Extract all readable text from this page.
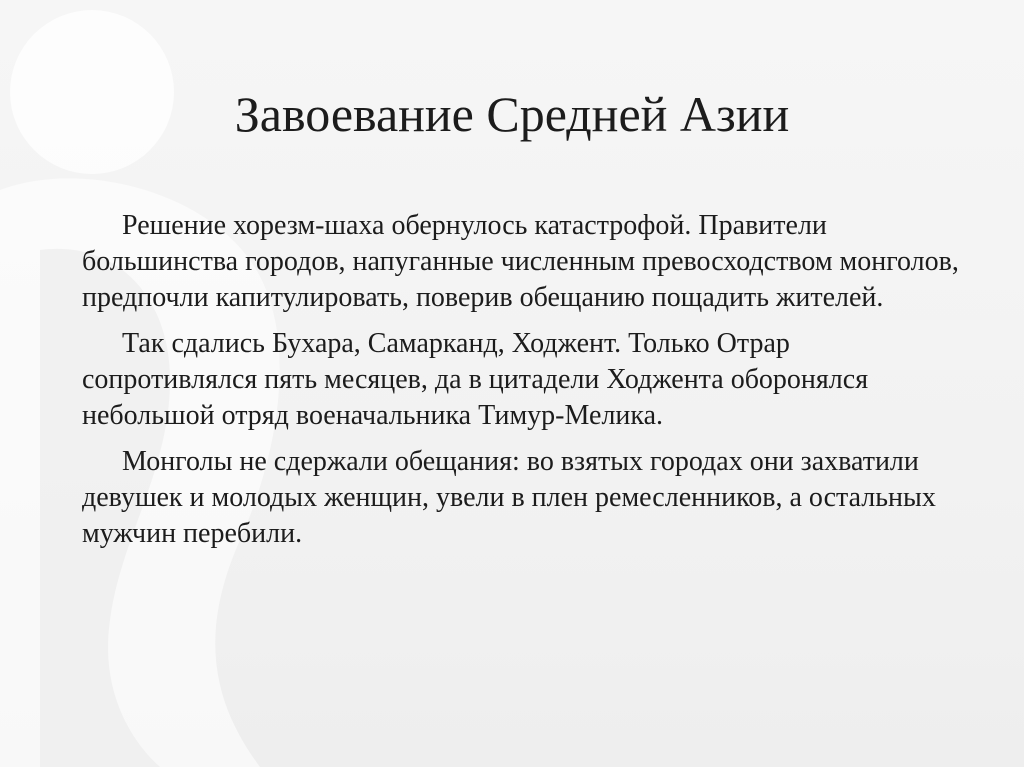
Завоевание Средней Азии

Решение хорезм-шаха обернулось катастрофой. Правители большинства городов, напуганные численным превосходством монголов, предпочли капитулировать, поверив обещанию пощадить жителей.

Так сдались Бухара, Самарканд, Ходжент. Только Отрар сопротивлялся пять месяцев, да в цитадели Ходжента оборонялся небольшой отряд военачальника Тимур-Мелика.

Монголы не сдержали обещания: во взятых городах они захватили девушек и молодых женщин, увели в плен ремесленников, а остальных мужчин перебили.
